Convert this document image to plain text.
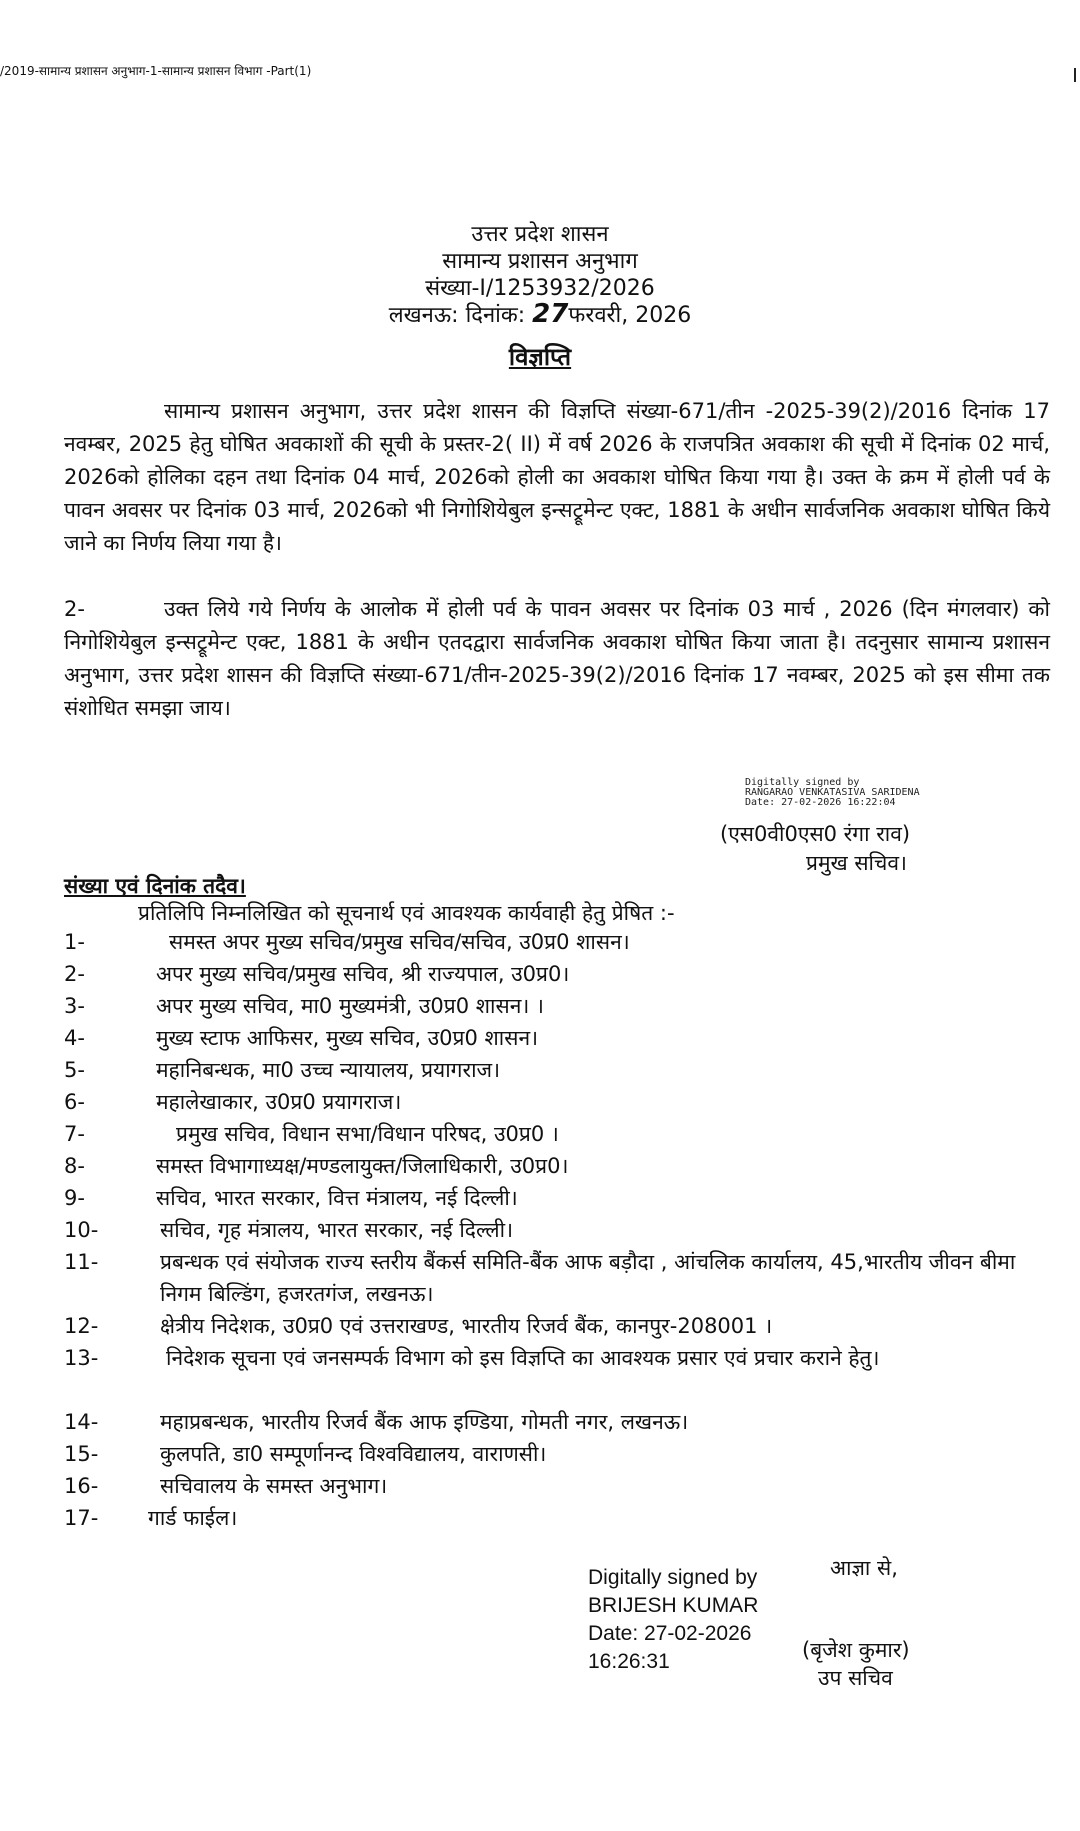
/2019-सामान्य प्रशासन अनुभाग-1-सामान्य प्रशासन विभाग -Part(1)
उत्तर प्रदेश शासन
सामान्य प्रशासन अनुभाग
संख्या-I/1253932/2026
लखनऊ: दिनांक: 27फरवरी, 2026
विज्ञप्ति
सामान्य प्रशासन अनुभाग, उत्तर प्रदेश शासन की विज्ञप्ति संख्या-671/तीन -2025-39(2)/2016 दिनांक 17 नवम्बर, 2025 हेतु घोषित अवकाशों की सूची के प्रस्तर-2( II) में वर्ष 2026 के राजपत्रित अवकाश की सूची में दिनांक 02 मार्च, 2026को होलिका दहन तथा दिनांक 04 मार्च, 2026को होली का अवकाश घोषित किया गया है। उक्त के क्रम में होली पर्व के पावन अवसर पर दिनांक 03 मार्च, 2026को भी निगोशियेबुल इन्सट्रूमेन्ट एक्ट, 1881 के अधीन सार्वजनिक अवकाश घोषित किये जाने का निर्णय लिया गया है।
2-	उक्त लिये गये निर्णय के आलोक में होली पर्व के पावन अवसर पर दिनांक 03 मार्च , 2026 (दिन मंगलवार) को निगोशियेबुल इन्सट्रूमेन्ट एक्ट, 1881 के अधीन एतदद्वारा सार्वजनिक अवकाश घोषित किया जाता है। तदनुसार सामान्य प्रशासन अनुभाग, उत्तर प्रदेश शासन की विज्ञप्ति संख्या-671/तीन-2025-39(2)/2016 दिनांक 17 नवम्बर, 2025 को इस सीमा तक संशोधित समझा जाय।
Digitally signed by
RANGARAO VENKATASIVA SARIDENA
Date: 27-02-2026 16:22:04
(एस0वी0एस0 रंगा राव)
प्रमुख सचिव।
संख्या एवं दिनांक तदैव।
प्रतिलिपि निम्नलिखित को सूचनार्थ एवं आवश्यक कार्यवाही हेतु प्रेषित :-
1-	समस्त अपर मुख्य सचिव/प्रमुख सचिव/सचिव, उ0प्र0 शासन।
2-	अपर मुख्य सचिव/प्रमुख सचिव, श्री राज्यपाल, उ0प्र0।
3-	अपर मुख्य सचिव, मा0 मुख्यमंत्री, उ0प्र0 शासन। ।
4-	मुख्य स्टाफ आफिसर, मुख्य सचिव, उ0प्र0 शासन।
5-	महानिबन्धक, मा0 उच्च न्यायालय, प्रयागराज।
6-	महालेखाकार, उ0प्र0 प्रयागराज।
7-	प्रमुख सचिव, विधान सभा/विधान परिषद, उ0प्र0 ।
8-	समस्त विभागाध्यक्ष/मण्डलायुक्त/जिलाधिकारी, उ0प्र0।
9-	सचिव, भारत सरकार, वित्त मंत्रालय, नई दिल्ली।
10-	सचिव, गृह मंत्रालय, भारत सरकार, नई दिल्ली।
11-	प्रबन्धक एवं संयोजक राज्य स्तरीय बैंकर्स समिति-बैंक आफ बड़ौदा , आंचलिक कार्यालय, 45,भारतीय जीवन बीमा निगम बिल्डिंग, हजरतगंज, लखनऊ।
12-	क्षेत्रीय निदेशक, उ0प्र0 एवं उत्तराखण्ड, भारतीय रिजर्व बैंक, कानपुर-208001 ।
13-	निदेशक सूचना एवं जनसम्पर्क विभाग को इस विज्ञप्ति का आवश्यक प्रसार एवं प्रचार कराने हेतु।
14-	महाप्रबन्धक, भारतीय रिजर्व बैंक आफ इण्डिया, गोमती नगर, लखनऊ।
15-	कुलपति, डा0 सम्पूर्णानन्द विश्वविद्यालय, वाराणसी।
16-	सचिवालय के समस्त अनुभाग।
17-	गार्ड फाईल।
Digitally signed by
BRIJESH KUMAR
Date: 27-02-2026
16:26:31
आज्ञा से,
(बृजेश कुमार)
उप सचिव
